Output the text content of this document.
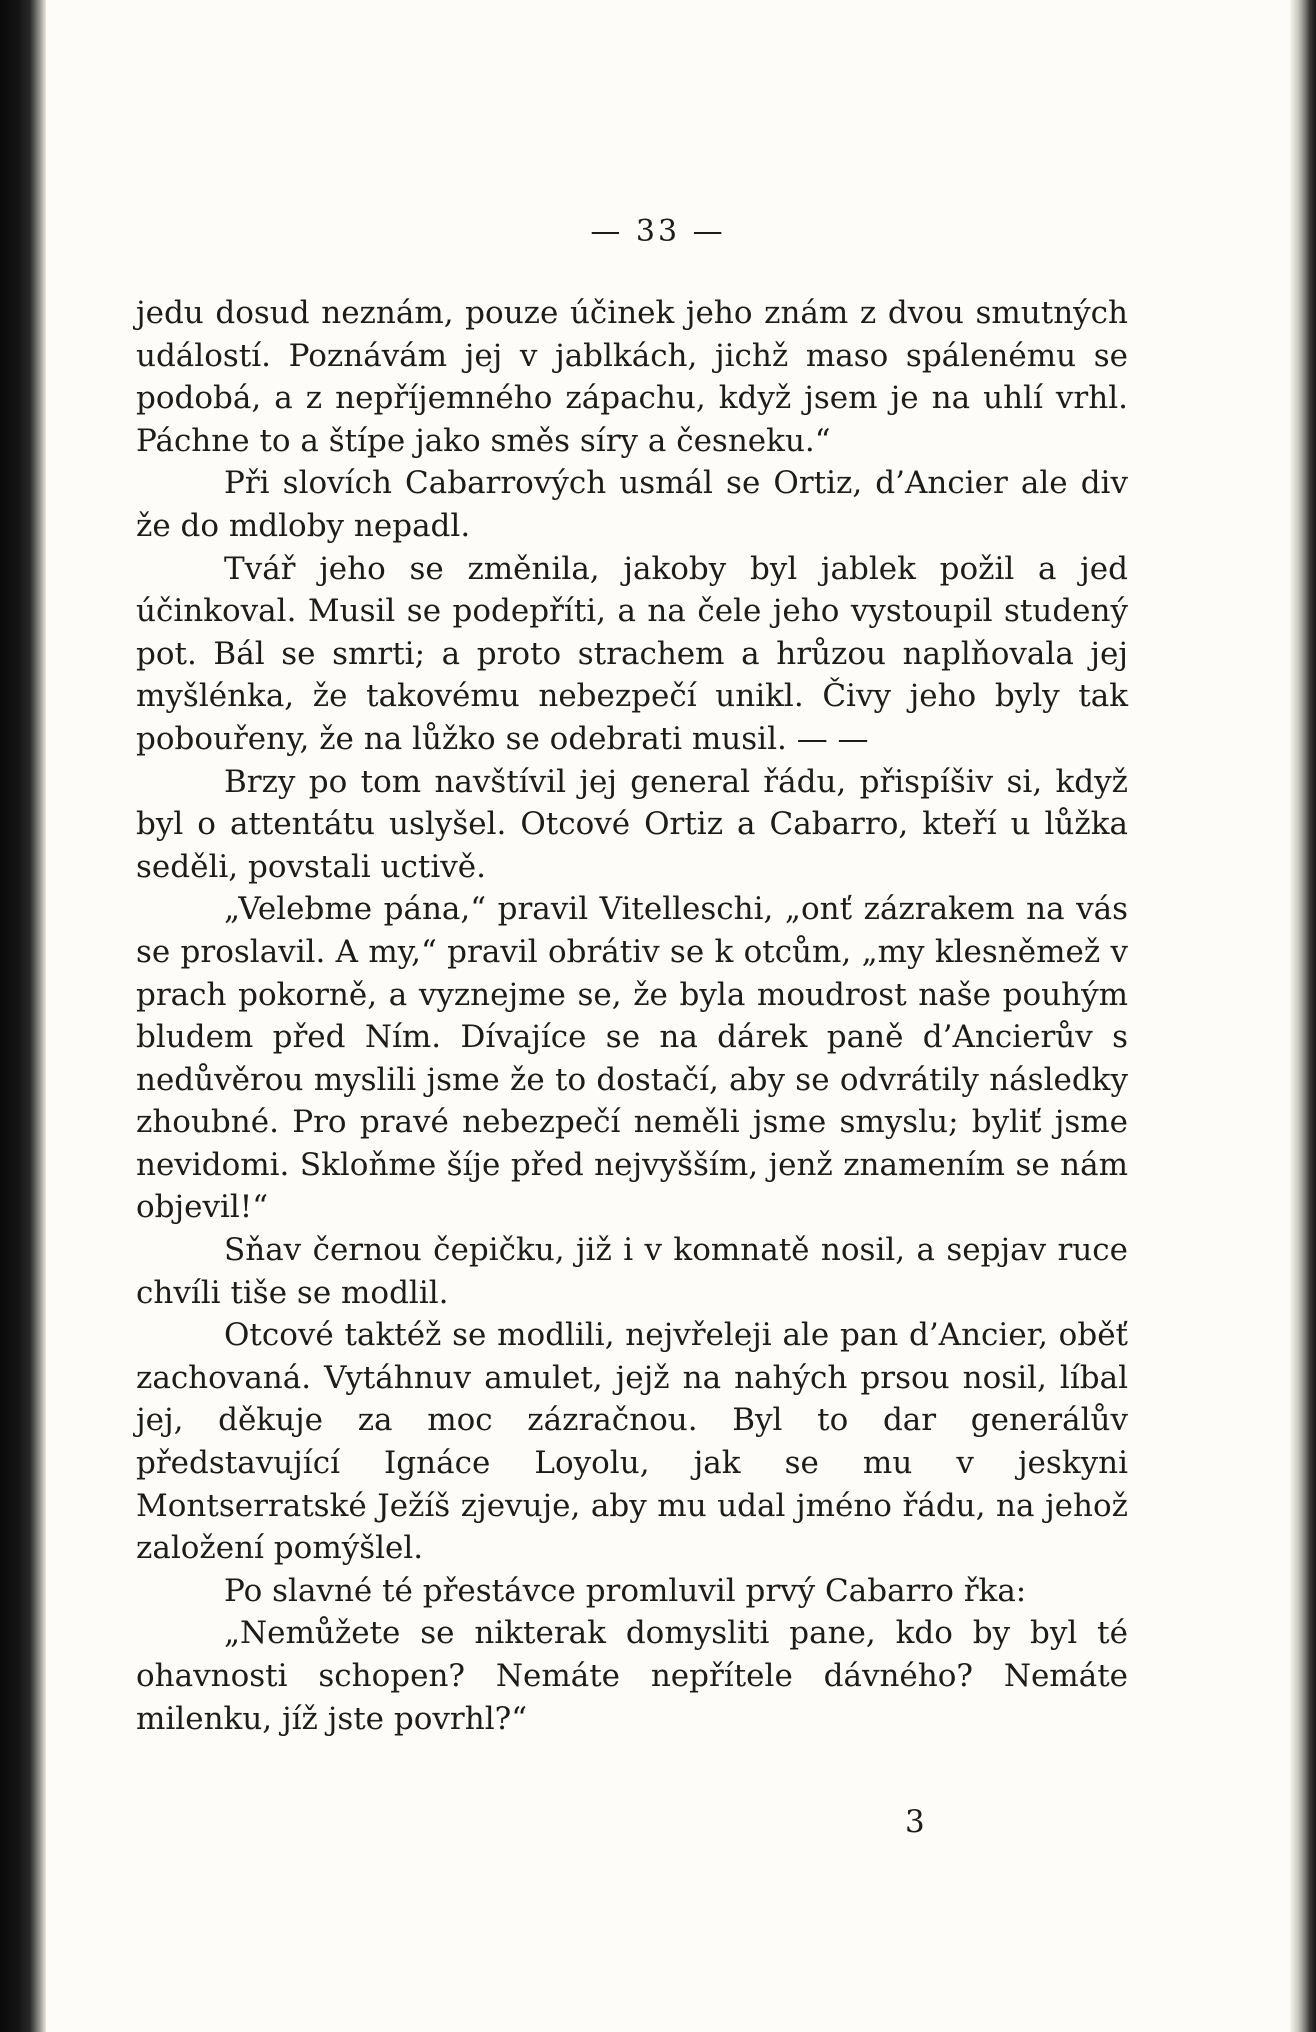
— 33 —

jedu dosud neznám, pouze účinek jeho znám z dvou smutných událostí. Poznávám jej v jablkách, jichž maso spálenému se podobá, a z nepříjemného zápachu, když jsem je na uhlí vrhl. Páchne to a štípe jako směs síry a česneku.“

Při slovích Cabarrových usmál se Ortiz, d’Ancier ale div že do mdloby nepadl.

Tvář jeho se změnila, jakoby byl jablek požil a jed účinkoval. Musil se podepříti, a na čele jeho vystoupil studený pot. Bál se smrti; a proto strachem a hrůzou naplňovala jej myšlénka, že takovému nebezpečí unikl. Čivy jeho byly tak pobouřeny, že na lůžko se odebrati musil. — —

Brzy po tom navštívil jej general řádu, přispíšiv si, když byl o attentátu uslyšel. Otcové Ortiz a Cabarro, kteří u lůžka seděli, povstali uctivě.

„Velebme pána,“ pravil Vitelleschi, „onť zázrakem na vás se proslavil. A my,“ pravil obrátiv se k otcům, „my klesněmež v prach pokorně, a vyznejme se, že byla moudrost naše pouhým bludem před Ním. Dívajíce se na dárek paně d’Ancierův s nedůvěrou myslili jsme že to dostačí, aby se odvrátily následky zhoubné. Pro pravé nebezpečí neměli jsme smyslu; byliť jsme nevidomi. Skloňme šíje před nejvyšším, jenž znamením se nám objevil!“

Sňav černou čepičku, již i v komnatě nosil, a sepjav ruce chvíli tiše se modlil.

Otcové taktéž se modlili, nejvřeleji ale pan d’Ancier, oběť zachovaná. Vytáhnuv amulet, jejž na nahých prsou nosil, líbal jej, děkuje za moc zázračnou. Byl to dar generálův představující Ignáce Loyolu, jak se mu v jeskyni Montserratské Ježíš zjevuje, aby mu udal jméno řádu, na jehož založení pomýšlel.

Po slavné té přestávce promluvil prvý Cabarro řka:

„Nemůžete se nikterak domysliti pane, kdo by byl té ohavnosti schopen? Nemáte nepřítele dávného? Nemáte milenku, jíž jste povrhl?“

3
